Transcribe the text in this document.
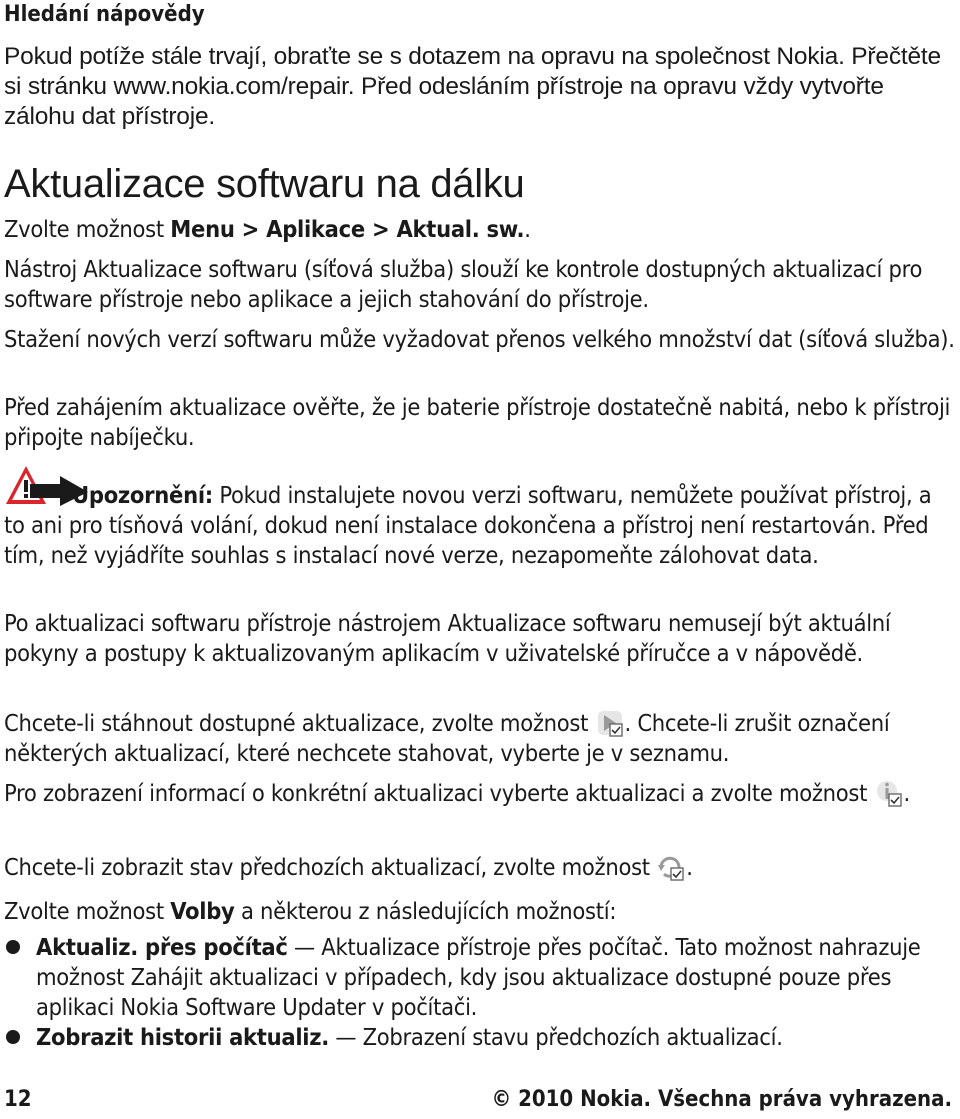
Hledání nápovědy
Pokud potíže stále trvají, obraťte se s dotazem na opravu na společnost Nokia. Přečtěte si stránku www.nokia.com/repair. Před odesláním přístroje na opravu vždy vytvořte zálohu dat přístroje.
Aktualizace softwaru na dálku
Zvolte možnost Menu > Aplikace > Aktual. sw..
Nástroj Aktualizace softwaru (síťová služba) slouží ke kontrole dostupných aktualizací pro software přístroje nebo aplikace a jejich stahování do přístroje.
Stažení nových verzí softwaru může vyžadovat přenos velkého množství dat (síťová služba).
Před zahájením aktualizace ověřte, že je baterie přístroje dostatečně nabitá, nebo k přístroji připojte nabíječku.
Upozornění: Pokud instalujete novou verzi softwaru, nemůžete používat přístroj, a to ani pro tísňová volání, dokud není instalace dokončena a přístroj není restartován. Před tím, než vyjádříte souhlas s instalací nové verze, nezapomeňte zálohovat data.
Po aktualizaci softwaru přístroje nástrojem Aktualizace softwaru nemusejí být aktuální pokyny a postupy k aktualizovaným aplikacím v uživatelské příručce a v nápovědě.
Chcete-li stáhnout dostupné aktualizace, zvolte možnost . Chcete-li zrušit označení některých aktualizací, které nechcete stahovat, vyberte je v seznamu.
Pro zobrazení informací o konkrétní aktualizaci vyberte aktualizaci a zvolte možnost .
Chcete-li zobrazit stav předchozích aktualizací, zvolte možnost .
Zvolte možnost Volby a některou z následujících možností:
Aktualiz. přes počítač — Aktualizace přístroje přes počítač. Tato možnost nahrazuje možnost Zahájit aktualizaci v případech, kdy jsou aktualizace dostupné pouze přes aplikaci Nokia Software Updater v počítači.
Zobrazit historii aktualiz. — Zobrazení stavu předchozích aktualizací.
12	© 2010 Nokia. Všechna práva vyhrazena.
